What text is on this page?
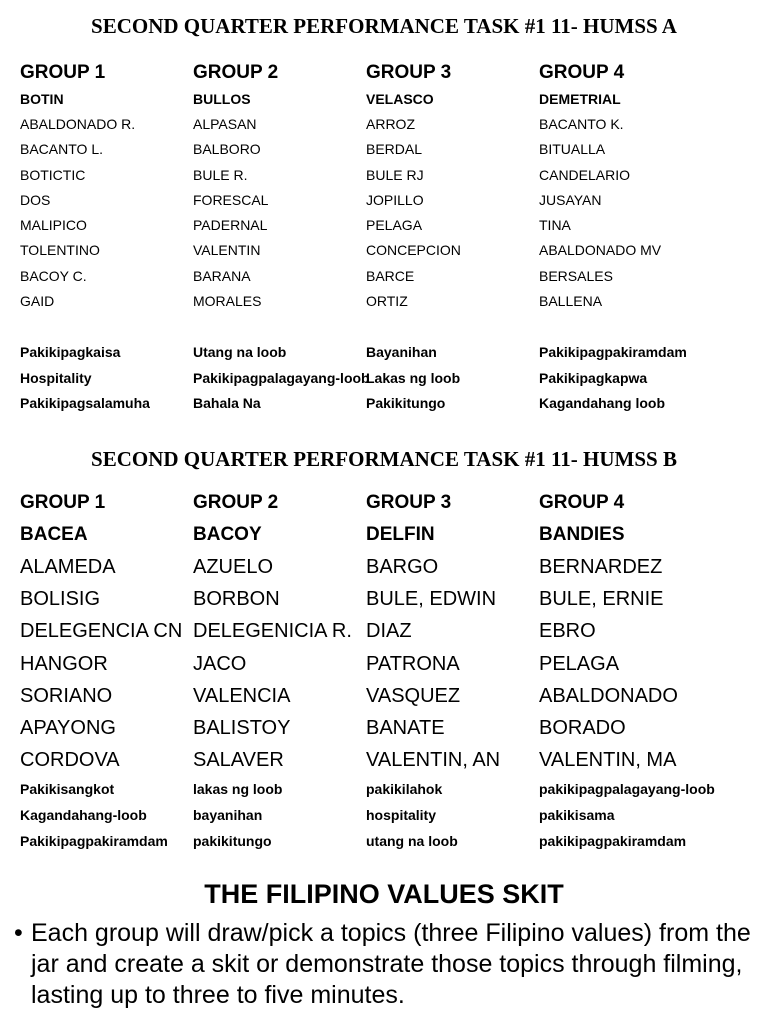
SECOND QUARTER PERFORMANCE TASK #1 11- HUMSS A
GROUP 1
BOTIN
ABALDONADO R.
BACANTO L.
BOTICTIC
DOS
MALIPICO
TOLENTINO
BACOY C.
GAID
Pakikipagkaisa
Hospitality
Pakikipagsalamuha
GROUP 2
BULLOS
ALPASAN
BALBORO
BULE R.
FORESCAL
PADERNAL
VALENTIN
BARANA
MORALES
Utang na loob
Pakikipagpalagayang-loob
Bahala Na
GROUP 3
VELASCO
ARROZ
BERDAL
BULE RJ
JOPILLO
PELAGA
CONCEPCION
BARCE
ORTIZ
Bayanihan
Lakas ng loob
Pakikitungo
GROUP 4
DEMETRIAL
BACANTO K.
BITUALLA
CANDELARIO
JUSAYAN
TINA
ABALDONADO MV
BERSALES
BALLENA
Pakikipagpakiramdam
Pakikipagkapwa
Kagandahang loob
SECOND QUARTER PERFORMANCE TASK #1 11- HUMSS B
GROUP 1
BACEA
ALAMEDA
BOLISIG
DELEGENCIA CN
HANGOR
SORIANO
APAYONG
CORDOVA
Pakikisangkot
Kagandahang-loob
Pakikipagpakiramdam
GROUP 2
BACOY
AZUELO
BORBON
DELEGENICIA R.
JACO
VALENCIA
BALISTOY
SALAVER
lakas ng loob
bayanihan
pakikitungo
GROUP 3
DELFIN
BARGO
BULE, EDWIN
DIAZ
PATRONA
VASQUEZ
BANATE
VALENTIN, AN
pakikilahok
hospitality
utang na loob
GROUP 4
BANDIES
BERNARDEZ
BULE, ERNIE
EBRO
PELAGA
ABALDONADO
BORADO
VALENTIN, MA
pakikipagpalagayang-loob
pakikisama
pakikipagpakiramdam
THE FILIPINO VALUES SKIT
• Each group will draw/pick a topics (three Filipino values) from the jar and create a skit or demonstrate those topics through filming, lasting up to three to five minutes.
